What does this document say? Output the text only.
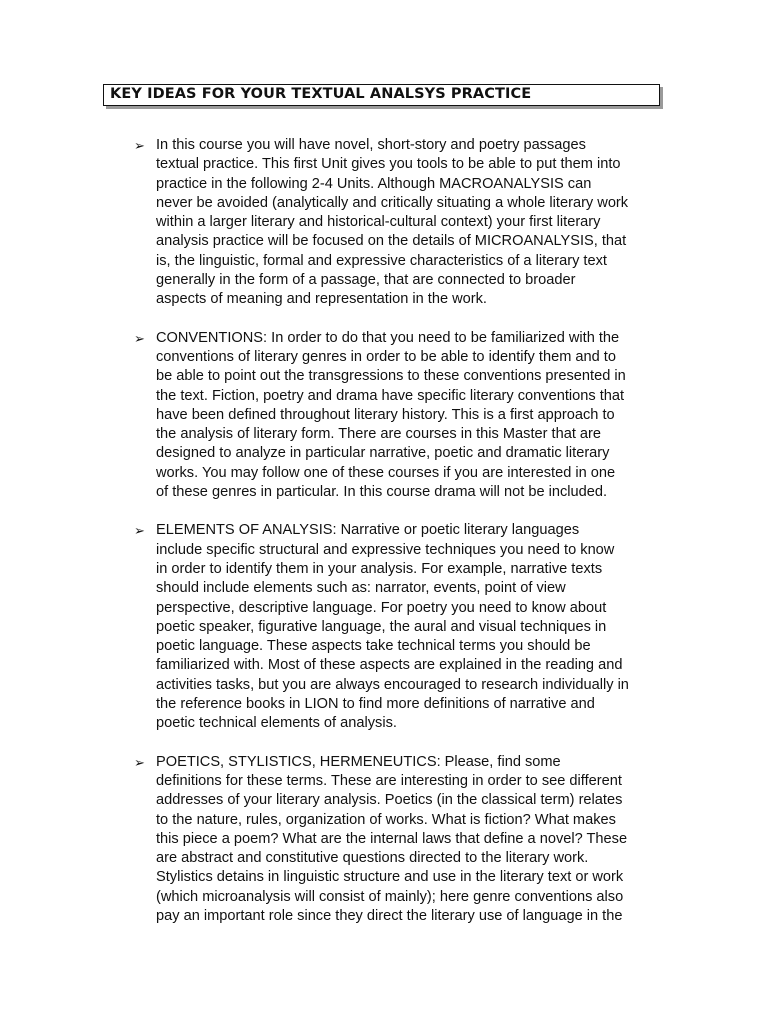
KEY IDEAS FOR YOUR TEXTUAL ANALSYS PRACTICE
➢ In this course you will have novel, short-story and poetry passages
textual practice. This first Unit gives you tools to be able to put them into
practice in the following 2-4 Units. Although MACROANALYSIS can
never be avoided (analytically and critically situating a whole literary work
within a larger literary and historical-cultural context) your first literary
analysis practice will be focused on the details of MICROANALYSIS, that
is, the linguistic, formal and expressive characteristics of a literary text
generally in the form of a passage, that are connected to broader
aspects of meaning and representation in the work.
➢ CONVENTIONS: In order to do that you need to be familiarized with the
conventions of literary genres in order to be able to identify them and to
be able to point out the transgressions to these conventions presented in
the text. Fiction, poetry and drama have specific literary conventions that
have been defined throughout literary history. This is a first approach to
the analysis of literary form. There are courses in this Master that are
designed to analyze in particular narrative, poetic and dramatic literary
works. You may follow one of these courses if you are interested in one
of these genres in particular. In this course drama will not be included.
➢ ELEMENTS OF ANALYSIS: Narrative or poetic literary languages
include specific structural and expressive techniques you need to know
in order to identify them in your analysis. For example, narrative texts
should include elements such as: narrator, events, point of view
perspective, descriptive language. For poetry you need to know about
poetic speaker, figurative language, the aural and visual techniques in
poetic language. These aspects take technical terms you should be
familiarized with. Most of these aspects are explained in the reading and
activities tasks, but you are always encouraged to research individually in
the reference books in LION to find more definitions of narrative and
poetic technical elements of analysis.
➢ POETICS, STYLISTICS, HERMENEUTICS: Please, find some
definitions for these terms. These are interesting in order to see different
addresses of your literary analysis. Poetics (in the classical term) relates
to the nature, rules, organization of works. What is fiction? What makes
this piece a poem? What are the internal laws that define a novel? These
are abstract and constitutive questions directed to the literary work.
Stylistics detains in linguistic structure and use in the literary text or work
(which microanalysis will consist of mainly); here genre conventions also
pay an important role since they direct the literary use of language in the
